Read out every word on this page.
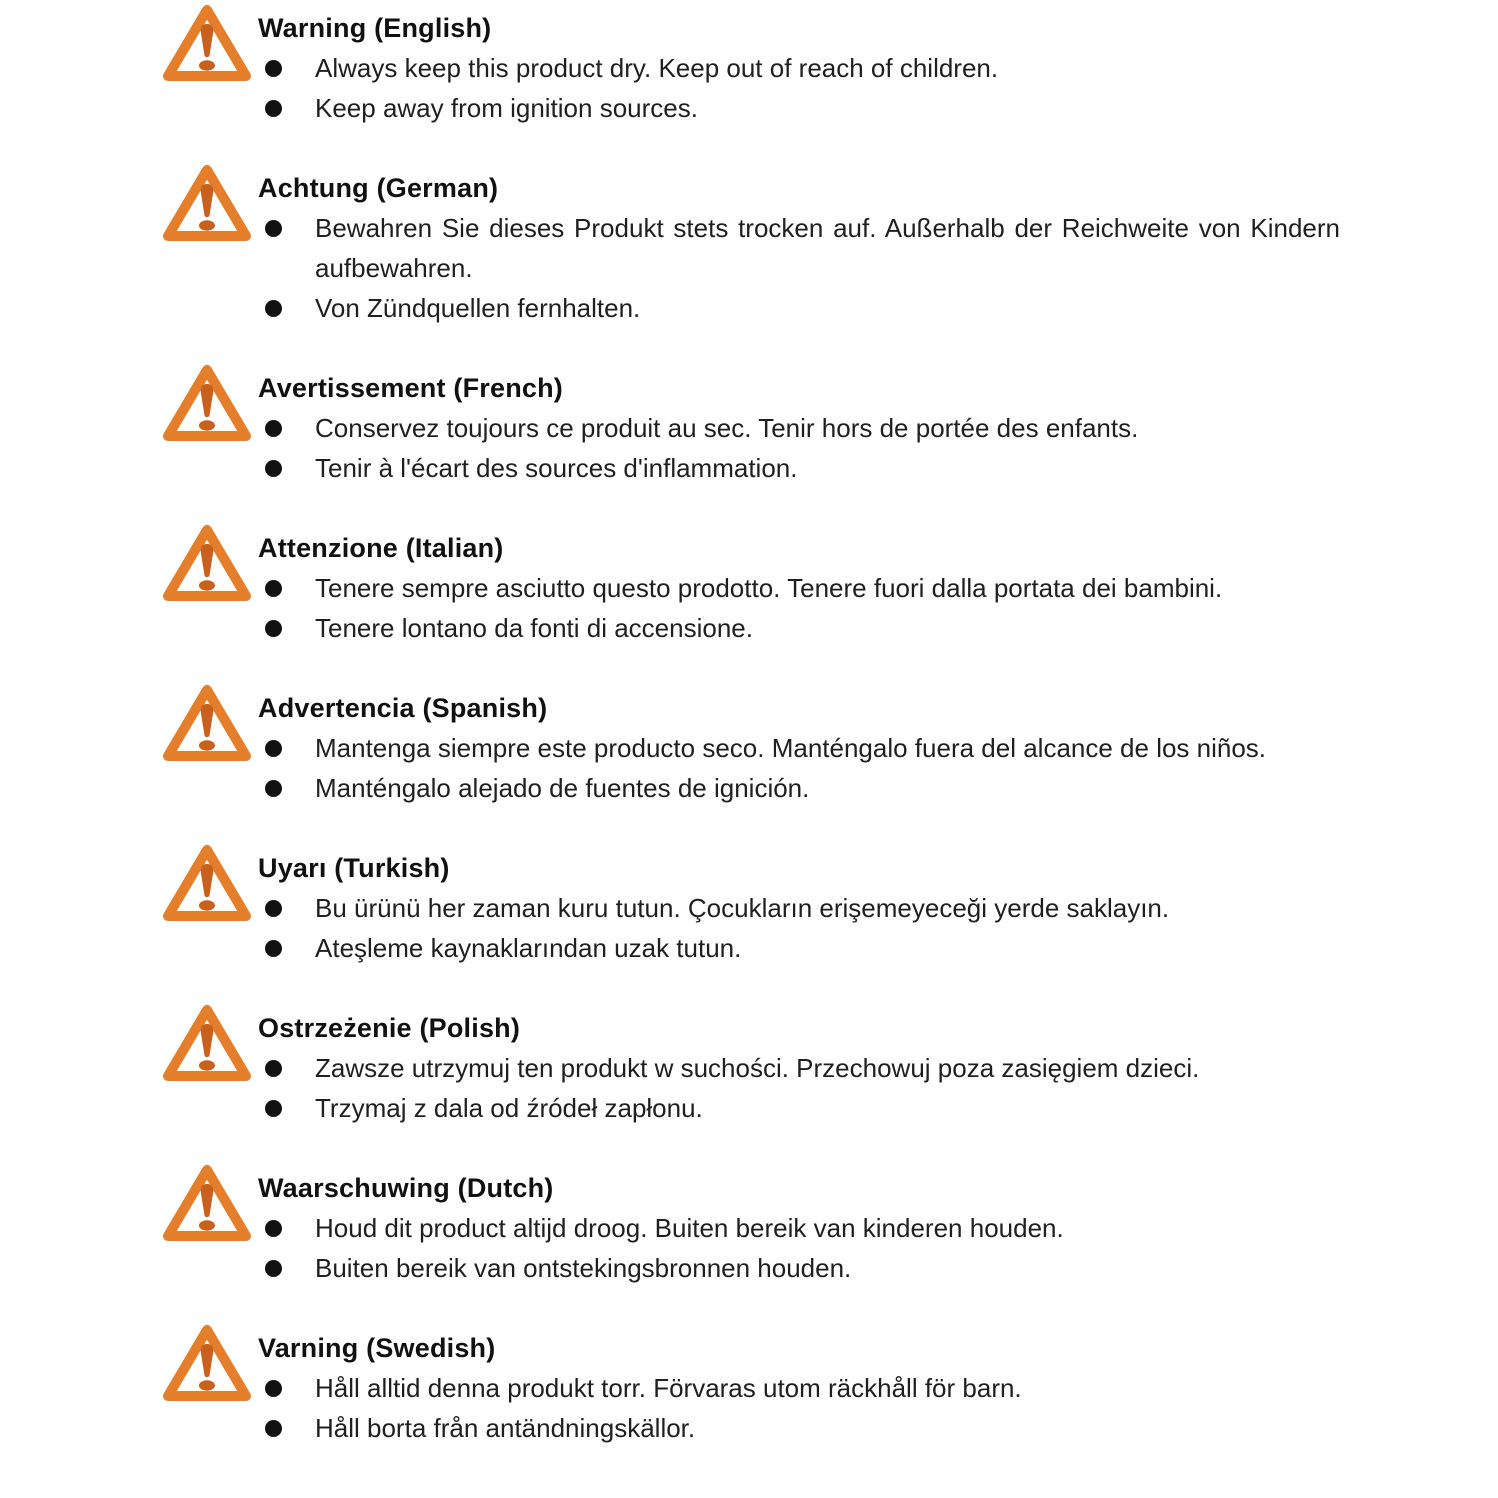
Warning (English)
Always keep this product dry. Keep out of reach of children.
Keep away from ignition sources.
Achtung (German)
Bewahren Sie dieses Produkt stets trocken auf. Außerhalb der Reichweite von Kindern aufbewahren.
Von Zündquellen fernhalten.
Avertissement (French)
Conservez toujours ce produit au sec. Tenir hors de portée des enfants.
Tenir à l'écart des sources d'inflammation.
Attenzione (Italian)
Tenere sempre asciutto questo prodotto. Tenere fuori dalla portata dei bambini.
Tenere lontano da fonti di accensione.
Advertencia (Spanish)
Mantenga siempre este producto seco. Manténgalo fuera del alcance de los niños.
Manténgalo alejado de fuentes de ignición.
Uyarı (Turkish)
Bu ürünü her zaman kuru tutun. Çocukların erişemeyeceği yerde saklayın.
Ateşleme kaynaklarından uzak tutun.
Ostrzeżenie (Polish)
Zawsze utrzymuj ten produkt w suchości. Przechowuj poza zasięgiem dzieci.
Trzymaj z dala od źródeł zapłonu.
Waarschuwing (Dutch)
Houd dit product altijd droog. Buiten bereik van kinderen houden.
Buiten bereik van ontstekingsbronnen houden.
Varning (Swedish)
Håll alltid denna produkt torr. Förvaras utom räckhåll för barn.
Håll borta från antändningskällor.
